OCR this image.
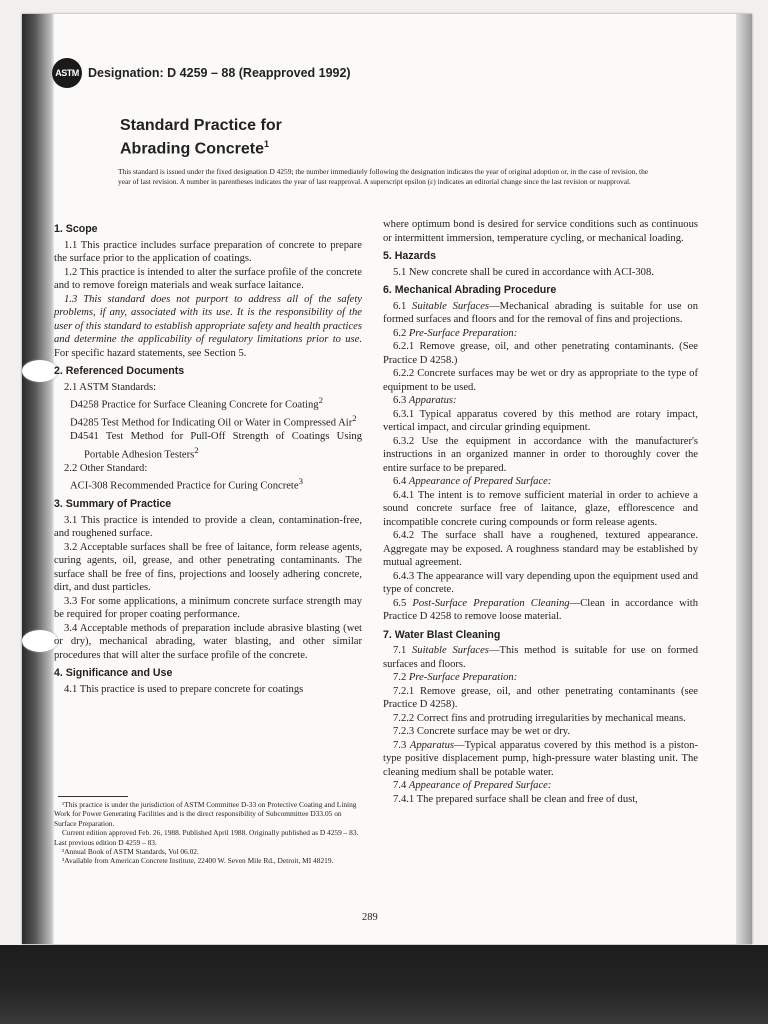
ASTM Designation: D 4259 – 88 (Reapproved 1992)
Standard Practice for
Abrading Concrete$^1$
This standard is issued under the fixed designation D 4259; the number immediately following the designation indicates the year of original adoption or, in the case of revision, the year of last revision. A number in parentheses indicates the year of last reapproval. A superscript epsilon (ε) indicates an editorial change since the last revision or reapproval.
1. Scope

1.1 This practice includes surface preparation of concrete to prepare the surface prior to the application of coatings.

1.2 This practice is intended to alter the surface profile of the concrete and to remove foreign materials and weak surface laitance.

1.3 This standard does not purport to address all of the safety problems, if any, associated with its use. It is the responsibility of the user of this standard to establish appropriate safety and health practices and determine the applicability of regulatory limitations prior to use. For specific hazard statements, see Section 5.

2. Referenced Documents

2.1 ASTM Standards:

D4258 Practice for Surface Cleaning Concrete for Coating$^2$

D4285 Test Method for Indicating Oil or Water in Compressed Air$^2$

D4541 Test Method for Pull-Off Strength of Coatings Using Portable Adhesion Testers$^2$

2.2 Other Standard:

ACI-308 Recommended Practice for Curing Concrete$^3$

3. Summary of Practice

3.1 This practice is intended to provide a clean, contamination-free, and roughened surface.

3.2 Acceptable surfaces shall be free of laitance, form release agents, curing agents, oil, grease, and other penetrating contaminants. The surface shall be free of fins, projections and loosely adhering concrete, dirt, and dust particles.

3.3 For some applications, a minimum concrete surface strength may be required for proper coating performance.

3.4 Acceptable methods of preparation include abrasive blasting (wet or dry), mechanical abrading, water blasting, and other similar procedures that will alter the surface profile of the concrete.

4. Significance and Use

4.1 This practice is used to prepare concrete for coatings

¹This practice is under the jurisdiction of ASTM Committee D-33 on Protective Coating and Lining Work for Power Generating Facilities and is the direct responsibility of Subcommittee D33.05 on Surface Preparation.

Current edition approved Feb. 26, 1988. Published April 1988. Originally published as D 4259 – 83. Last previous edition D 4259 – 83.

²Annual Book of ASTM Standards, Vol 06.02.

³Available from American Concrete Institute, 22400 W. Seven Mile Rd., Detroit, MI 48219.

where optimum bond is desired for service conditions such as continuous or intermittent immersion, temperature cycling, or mechanical loading.

5. Hazards

5.1 New concrete shall be cured in accordance with ACI-308.

6. Mechanical Abrading Procedure

6.1 Suitable Surfaces—Mechanical abrading is suitable for use on formed surfaces and floors and for the removal of fins and projections.

6.2 Pre-Surface Preparation:

6.2.1 Remove grease, oil, and other penetrating contaminants. (See Practice D 4258.)

6.2.2 Concrete surfaces may be wet or dry as appropriate to the type of equipment to be used.

6.3 Apparatus:

6.3.1 Typical apparatus covered by this method are rotary impact, vertical impact, and circular grinding equipment.

6.3.2 Use the equipment in accordance with the manufacturer's instructions in an organized manner in order to thoroughly cover the entire surface to be prepared.

6.4 Appearance of Prepared Surface:

6.4.1 The intent is to remove sufficient material in order to achieve a sound concrete surface free of laitance, glaze, efflorescence and incompatible concrete curing compounds or form release agents.

6.4.2 The surface shall have a roughened, textured appearance. Aggregate may be exposed. A roughness standard may be established by mutual agreement.

6.4.3 The appearance will vary depending upon the equipment used and type of concrete.

6.5 Post-Surface Preparation Cleaning—Clean in accordance with Practice D 4258 to remove loose material.

7. Water Blast Cleaning

7.1 Suitable Surfaces—This method is suitable for use on formed surfaces and floors.

7.2 Pre-Surface Preparation:

7.2.1 Remove grease, oil, and other penetrating contaminants (see Practice D 4258).

7.2.2 Correct fins and protruding irregularities by mechanical means.

7.2.3 Concrete surface may be wet or dry.

7.3 Apparatus—Typical apparatus covered by this method is a piston-type positive displacement pump, high-pressure water blasting unit. The cleaning medium shall be potable water.

7.4 Appearance of Prepared Surface:

7.4.1 The prepared surface shall be clean and free of dust,

289
